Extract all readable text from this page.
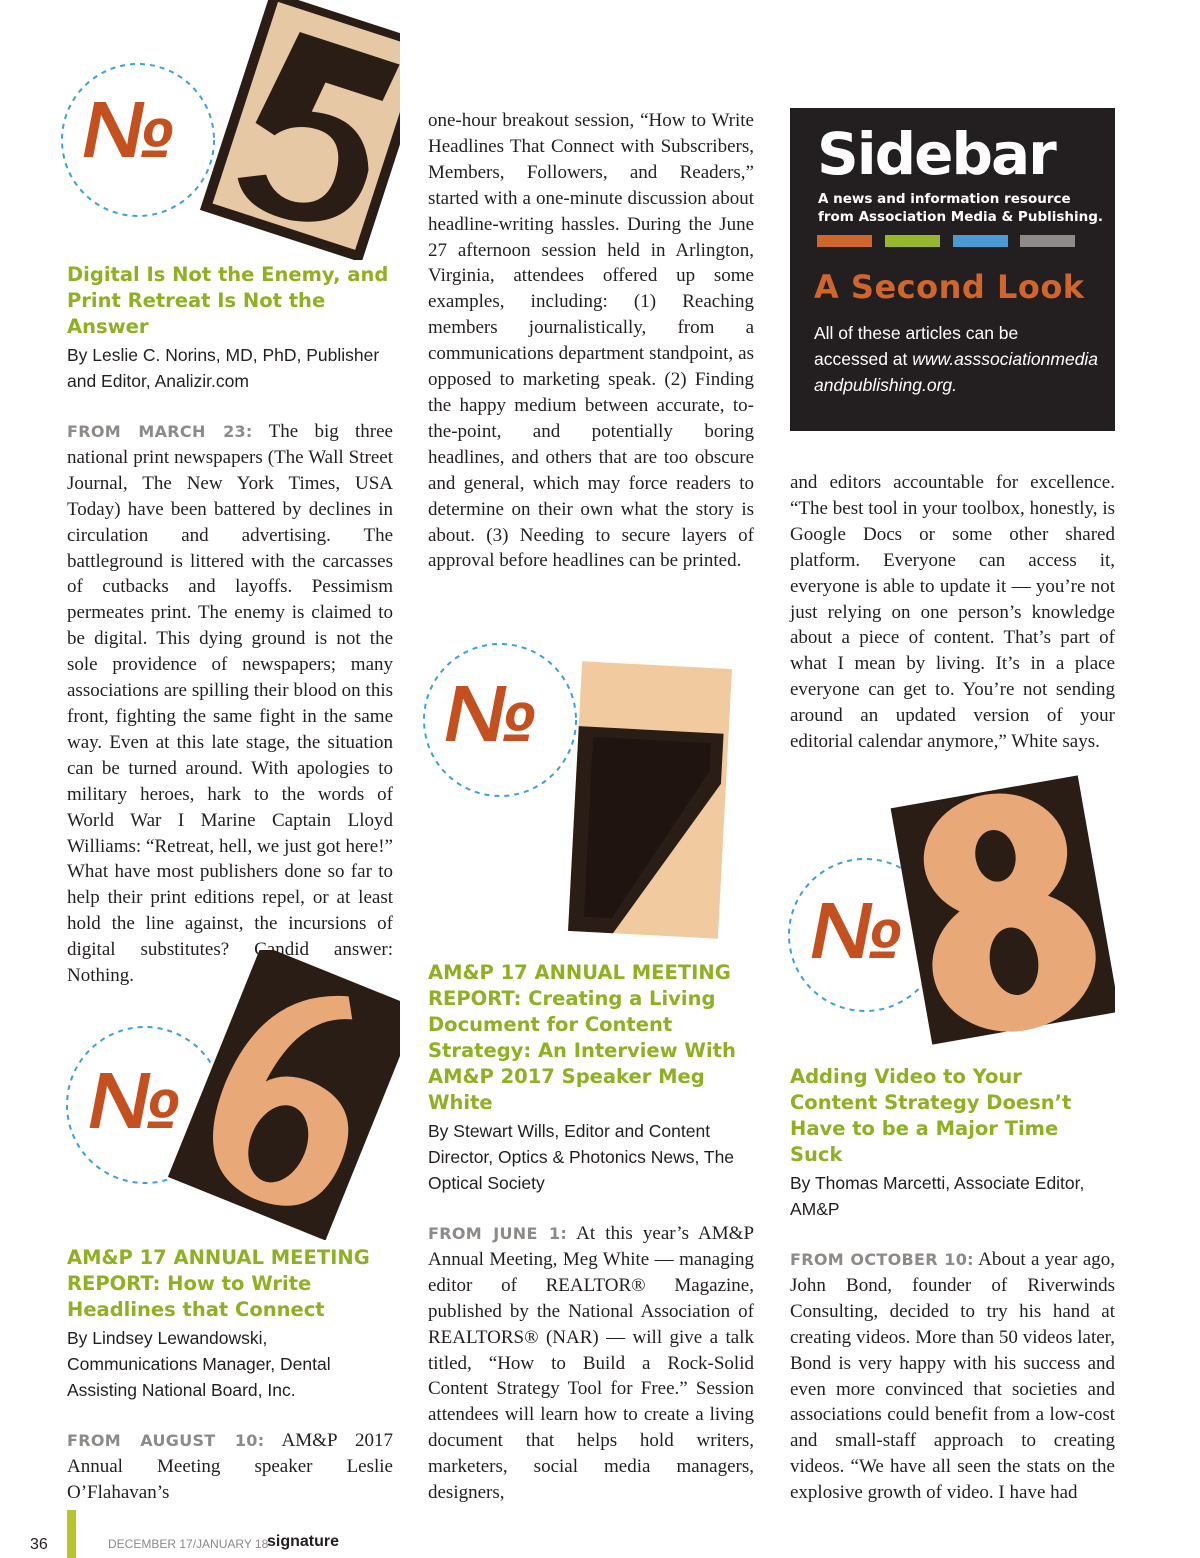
№

Digital Is Not the Enemy, and Print Retreat Is Not the Answer

By Leslie C. Norins, MD, PhD, Publisher and Editor, Analizir.com

FROM MARCH 23: The big three national print newspapers (The Wall Street Journal, The New York Times, USA Today) have been battered by declines in circulation and advertising. The battleground is littered with the carcasses of cutbacks and layoffs. Pessimism permeates print. The enemy is claimed to be digital. This dying ground is not the sole providence of newspapers; many associations are spilling their blood on this front, fighting the same fight in the same way. Even at this late stage, the situation can be turned around. With apologies to military heroes, hark to the words of World War I Marine Captain Lloyd Williams: “Retreat, hell, we just got here!” What have most publishers done so far to help their print editions repel, or at least hold the line against, the incursions of digital substitutes? Candid answer: Nothing.

№

AM&P 17 ANNUAL MEETING REPORT: How to Write Headlines that Connect

By Lindsey Lewandowski, Communications Manager, Dental Assisting National Board, Inc.

FROM AUGUST 10: AM&P 2017 Annual Meeting speaker Leslie O’Flahavan’s

one-hour breakout session, “How to Write Headlines That Connect with Subscribers, Members, Followers, and Readers,” started with a one-minute discussion about headline-writing hassles. During the June 27 afternoon session held in Arlington, Virginia, attendees offered up some examples, including: (1) Reaching members journalistically, from a communications department standpoint, as opposed to marketing speak. (2) Finding the happy medium between accurate, to-the-point, and potentially boring headlines, and others that are too obscure and general, which may force readers to determine on their own what the story is about. (3) Needing to secure layers of approval before headlines can be printed.

№

AM&P 17 ANNUAL MEETING REPORT: Creating a Living Document for Content Strategy: An Interview With AM&P 2017 Speaker Meg White

By Stewart Wills, Editor and Content Director, Optics & Photonics News, The Optical Society

FROM JUNE 1: At this year’s AM&P Annual Meeting, Meg White — managing editor of REALTOR® Magazine, published by the National Association of REALTORS® (NAR) — will give a talk titled, “How to Build a Rock-Solid Content Strategy Tool for Free.” Session attendees will learn how to create a living document that helps hold writers, marketers, social media managers, designers,

Sidebar
A news and information resource
from Association Media & Publishing.
A Second Look
All of these articles can be
accessed at www.asssociationmedia
andpublishing.org.

and editors accountable for excellence. “The best tool in your toolbox, honestly, is Google Docs or some other shared platform. Everyone can access it, everyone is able to update it — you’re not just relying on one person’s knowledge about a piece of content. That’s part of what I mean by living. It’s in a place everyone can get to. You’re not sending around an updated version of your editorial calendar anymore,” White says.

№

Adding Video to Your Content Strategy Doesn’t Have to be a Major Time Suck

By Thomas Marcetti, Associate Editor, AM&P

FROM OCTOBER 10: About a year ago, John Bond, founder of Riverwinds Consulting, decided to try his hand at creating videos. More than 50 videos later, Bond is very happy with his success and even more convinced that societies and associations could benefit from a low-cost and small-staff approach to creating videos. “We have all seen the stats on the explosive growth of video. I have had

36	DECEMBER 17/JANUARY 18
signature
